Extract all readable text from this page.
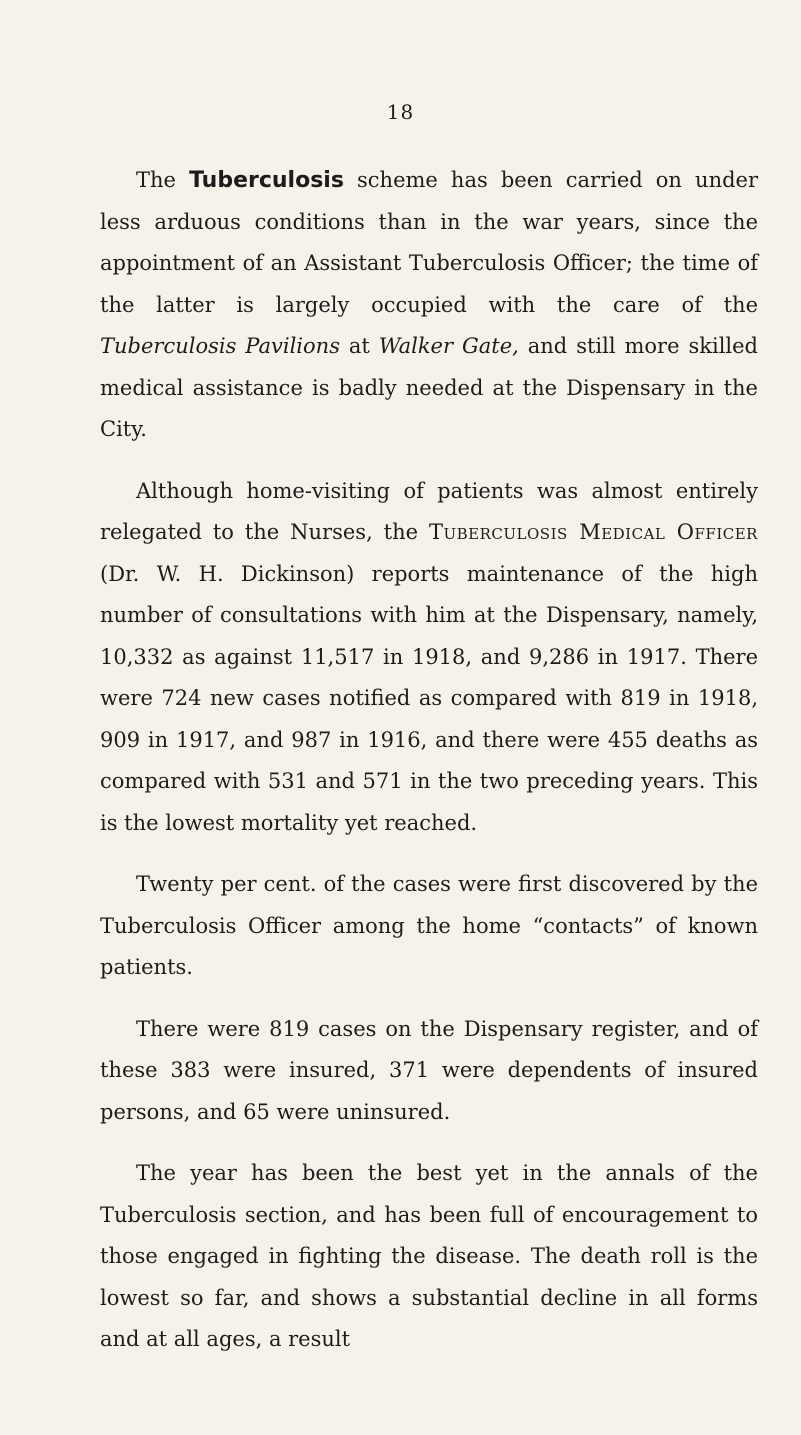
18

The Tuberculosis scheme has been carried on under less arduous conditions than in the war years, since the appointment of an Assistant Tuberculosis Officer; the time of the latter is largely occupied with the care of the Tuberculosis Pavilions at Walker Gate, and still more skilled medical assistance is badly needed at the Dispensary in the City.

Although home-visiting of patients was almost entirely relegated to the Nurses, the Tuberculosis Medical Officer (Dr. W. H. Dickinson) reports maintenance of the high number of consultations with him at the Dispensary, namely, 10,332 as against 11,517 in 1918, and 9,286 in 1917. There were 724 new cases notified as compared with 819 in 1918, 909 in 1917, and 987 in 1916, and there were 455 deaths as compared with 531 and 571 in the two preceding years. This is the lowest mortality yet reached.

Twenty per cent. of the cases were first discovered by the Tuberculosis Officer among the home “contacts” of known patients.

There were 819 cases on the Dispensary register, and of these 383 were insured, 371 were dependents of insured persons, and 65 were uninsured.

The year has been the best yet in the annals of the Tuberculosis section, and has been full of encouragement to those engaged in fighting the disease. The death roll is the lowest so far, and shows a substantial decline in all forms and at all ages, a result
